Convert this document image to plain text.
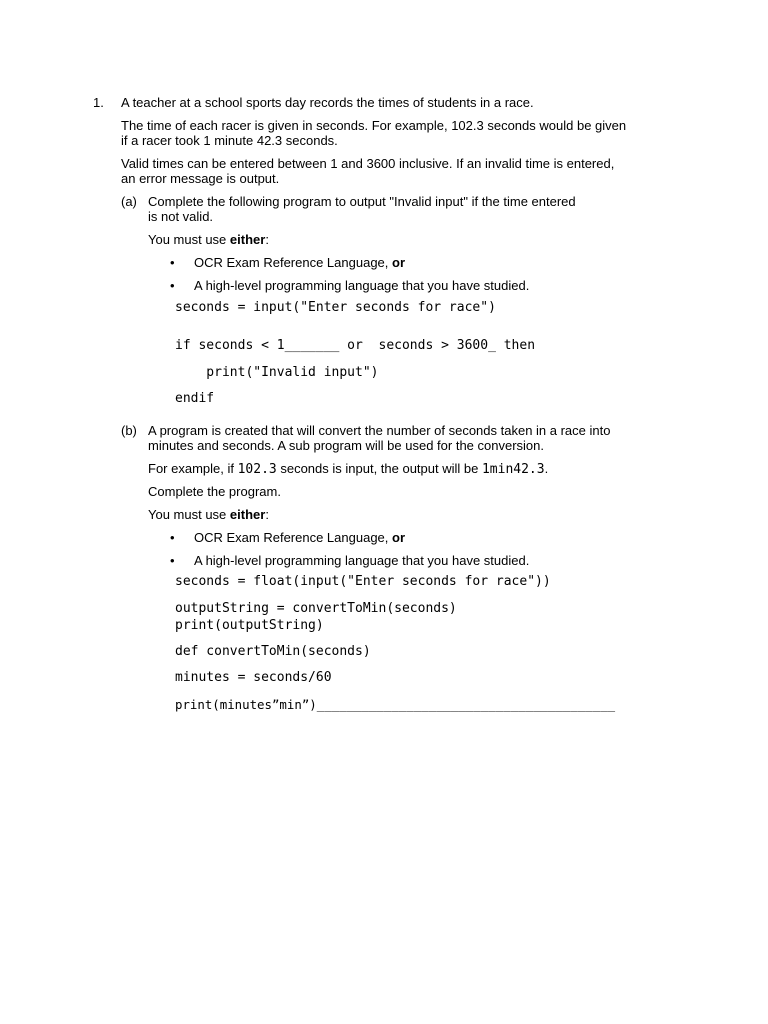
1. A teacher at a school sports day records the times of students in a race.
The time of each racer is given in seconds. For example, 102.3 seconds would be given
if a racer took 1 minute 42.3 seconds.
Valid times can be entered between 1 and 3600 inclusive. If an invalid time is entered,
an error message is output.
(a) Complete the following program to output "Invalid input" if the time entered
is not valid.
You must use either:
• OCR Exam Reference Language, or
• A high-level programming language that you have studied.
seconds = input("Enter seconds for race")
if seconds < 1_______ or  seconds > 3600_ then
print("Invalid input")
endif
(b) A program is created that will convert the number of seconds taken in a race into
minutes and seconds. A sub program will be used for the conversion.
For example, if 102.3 seconds is input, the output will be 1min42.3.
Complete the program.
You must use either:
• OCR Exam Reference Language, or
• A high-level programming language that you have studied.
seconds = float(input("Enter seconds for race"))
outputString = convertToMin(seconds)
print(outputString)
def convertToMin(seconds)
minutes = seconds/60
print(minutes”min”)________________________________________
